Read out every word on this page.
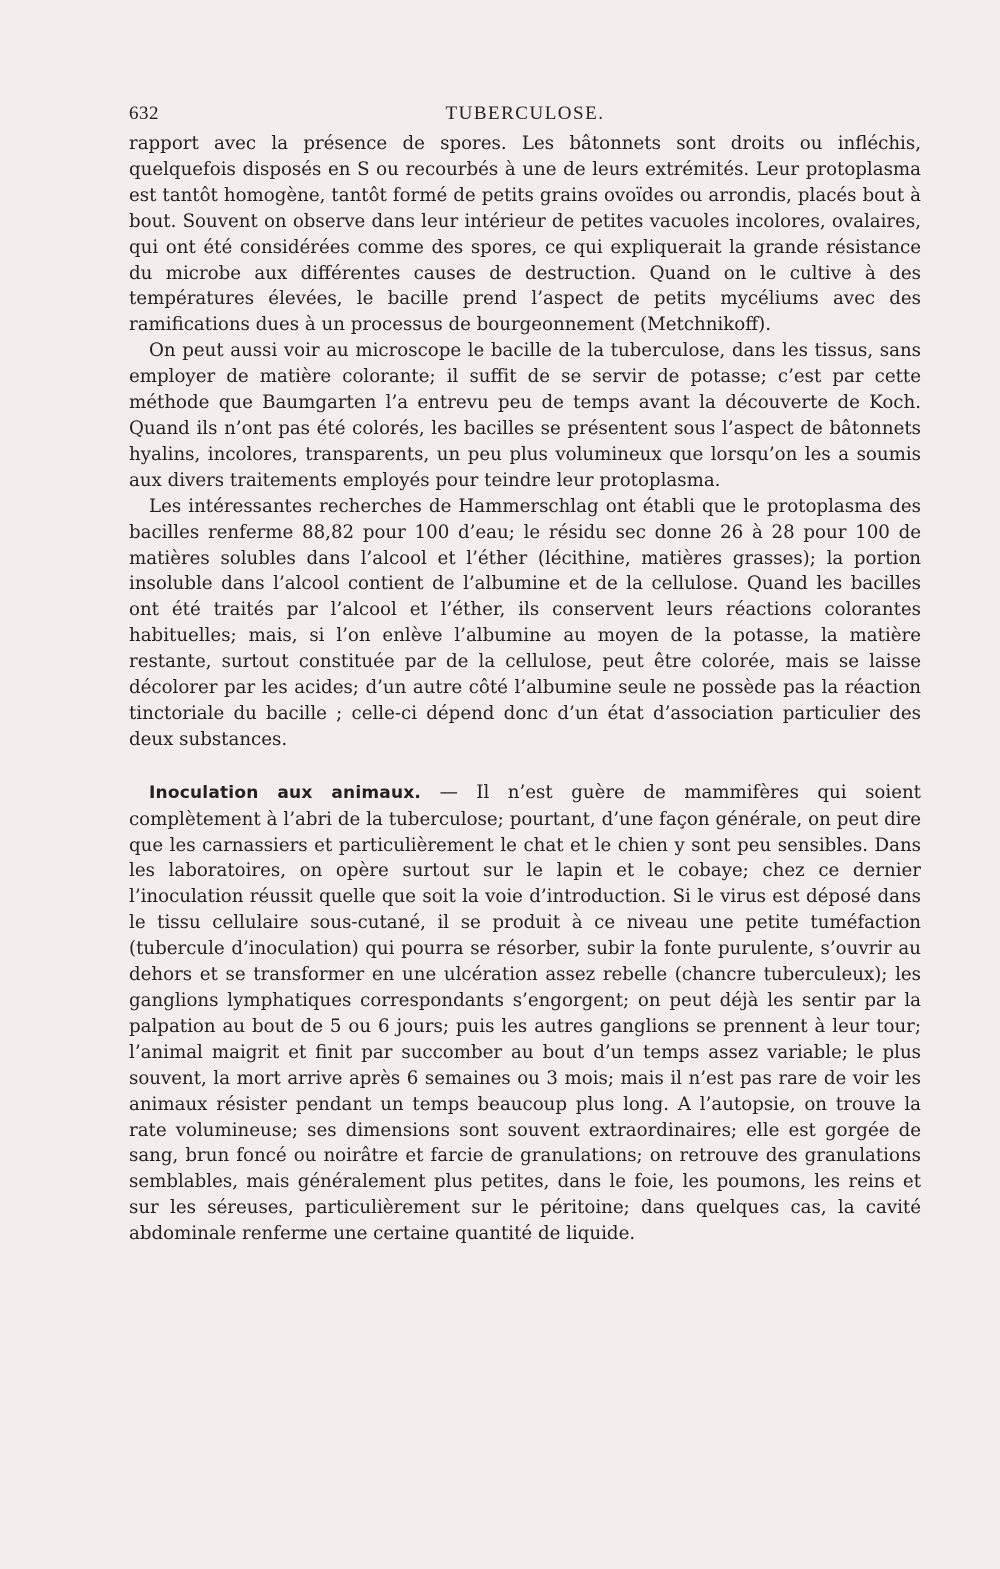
632	TUBERCULOSE.

rapport avec la présence de spores. Les bâtonnets sont droits ou infléchis, quelquefois disposés en S ou recourbés à une de leurs extrémités. Leur protoplasma est tantôt homogène, tantôt formé de petits grains ovoïdes ou arrondis, placés bout à bout. Souvent on observe dans leur intérieur de petites vacuoles incolores, ovalaires, qui ont été considérées comme des spores, ce qui expliquerait la grande résistance du microbe aux différentes causes de destruction. Quand on le cultive à des températures élevées, le bacille prend l’aspect de petits mycéliums avec des ramifications dues à un processus de bourgeonnement (Metchnikoff).

On peut aussi voir au microscope le bacille de la tuberculose, dans les tissus, sans employer de matière colorante; il suffit de se servir de potasse; c’est par cette méthode que Baumgarten l’a entrevu peu de temps avant la découverte de Koch. Quand ils n’ont pas été colorés, les bacilles se présentent sous l’aspect de bâtonnets hyalins, incolores, transparents, un peu plus volumineux que lorsqu’on les a soumis aux divers traitements employés pour teindre leur protoplasma.

Les intéressantes recherches de Hammerschlag ont établi que le protoplasma des bacilles renferme 88,82 pour 100 d’eau; le résidu sec donne 26 à 28 pour 100 de matières solubles dans l’alcool et l’éther (lécithine, matières grasses); la portion insoluble dans l’alcool contient de l’albumine et de la cellulose. Quand les bacilles ont été traités par l’alcool et l’éther, ils conservent leurs réactions colorantes habituelles; mais, si l’on enlève l’albumine au moyen de la potasse, la matière restante, surtout constituée par de la cellulose, peut être colorée, mais se laisse décolorer par les acides; d’un autre côté l’albumine seule ne possède pas la réaction tinctoriale du bacille ; celle-ci dépend donc d’un état d’association particulier des deux substances.

Inoculation aux animaux. — Il n’est guère de mammifères qui soient complètement à l’abri de la tuberculose; pourtant, d’une façon générale, on peut dire que les carnassiers et particulièrement le chat et le chien y sont peu sensibles. Dans les laboratoires, on opère surtout sur le lapin et le cobaye; chez ce dernier l’inoculation réussit quelle que soit la voie d’introduction. Si le virus est déposé dans le tissu cellulaire sous-cutané, il se produit à ce niveau une petite tuméfaction (tubercule d’inoculation) qui pourra se résorber, subir la fonte purulente, s’ouvrir au dehors et se transformer en une ulcération assez rebelle (chancre tuberculeux); les ganglions lymphatiques correspondants s’engorgent; on peut déjà les sentir par la palpation au bout de 5 ou 6 jours; puis les autres ganglions se prennent à leur tour; l’animal maigrit et finit par succomber au bout d’un temps assez variable; le plus souvent, la mort arrive après 6 semaines ou 3 mois; mais il n’est pas rare de voir les animaux résister pendant un temps beaucoup plus long. A l’autopsie, on trouve la rate volumineuse; ses dimensions sont souvent extraordinaires; elle est gorgée de sang, brun foncé ou noirâtre et farcie de granulations; on retrouve des granulations semblables, mais généralement plus petites, dans le foie, les poumons, les reins et sur les séreuses, particulièrement sur le péritoine; dans quelques cas, la cavité abdominale renferme une certaine quantité de liquide.
